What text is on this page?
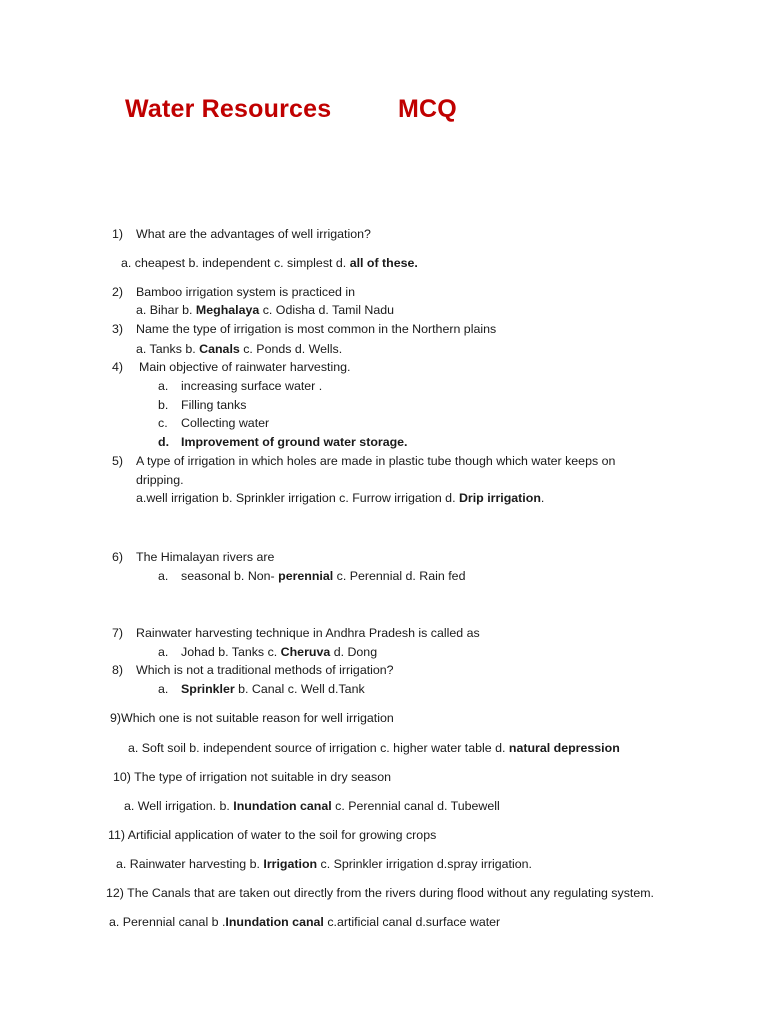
Water Resources	MCQ
1) What are the advantages of well irrigation?
a. cheapest b. independent c. simplest d. all of these.
2) Bamboo irrigation system is practiced in
a. Bihar b. Meghalaya c. Odisha d. Tamil Nadu
3) Name the type of irrigation is most common in the Northern plains
a. Tanks b. Canals c. Ponds d. Wells.
4) Main objective of rainwater harvesting.
a. increasing surface water .
b. Filling tanks
c. Collecting water
d. Improvement of ground water storage.
5) A type of irrigation in which holes are made in plastic tube though which water keeps on
dripping.
a.well irrigation b. Sprinkler irrigation c. Furrow irrigation d. Drip irrigation.
6) The Himalayan rivers are
a. seasonal b. Non- perennial c. Perennial d. Rain fed
7) Rainwater harvesting technique in Andhra Pradesh is called as
a. Johad b. Tanks c. Cheruva d. Dong
8) Which is not a traditional methods of irrigation?
a. Sprinkler b. Canal c. Well d.Tank
9)Which one is not suitable reason for well irrigation
a. Soft soil b. independent source of irrigation c. higher water table d. natural depression
10) The type of irrigation not suitable in dry season
a. Well irrigation. b. Inundation canal c. Perennial canal d. Tubewell
11) Artificial application of water to the soil for growing crops
a. Rainwater harvesting b. Irrigation c. Sprinkler irrigation d.spray irrigation.
12) The Canals that are taken out directly from the rivers during flood without any regulating system.
a. Perennial canal b .Inundation canal c.artificial canal d.surface water
